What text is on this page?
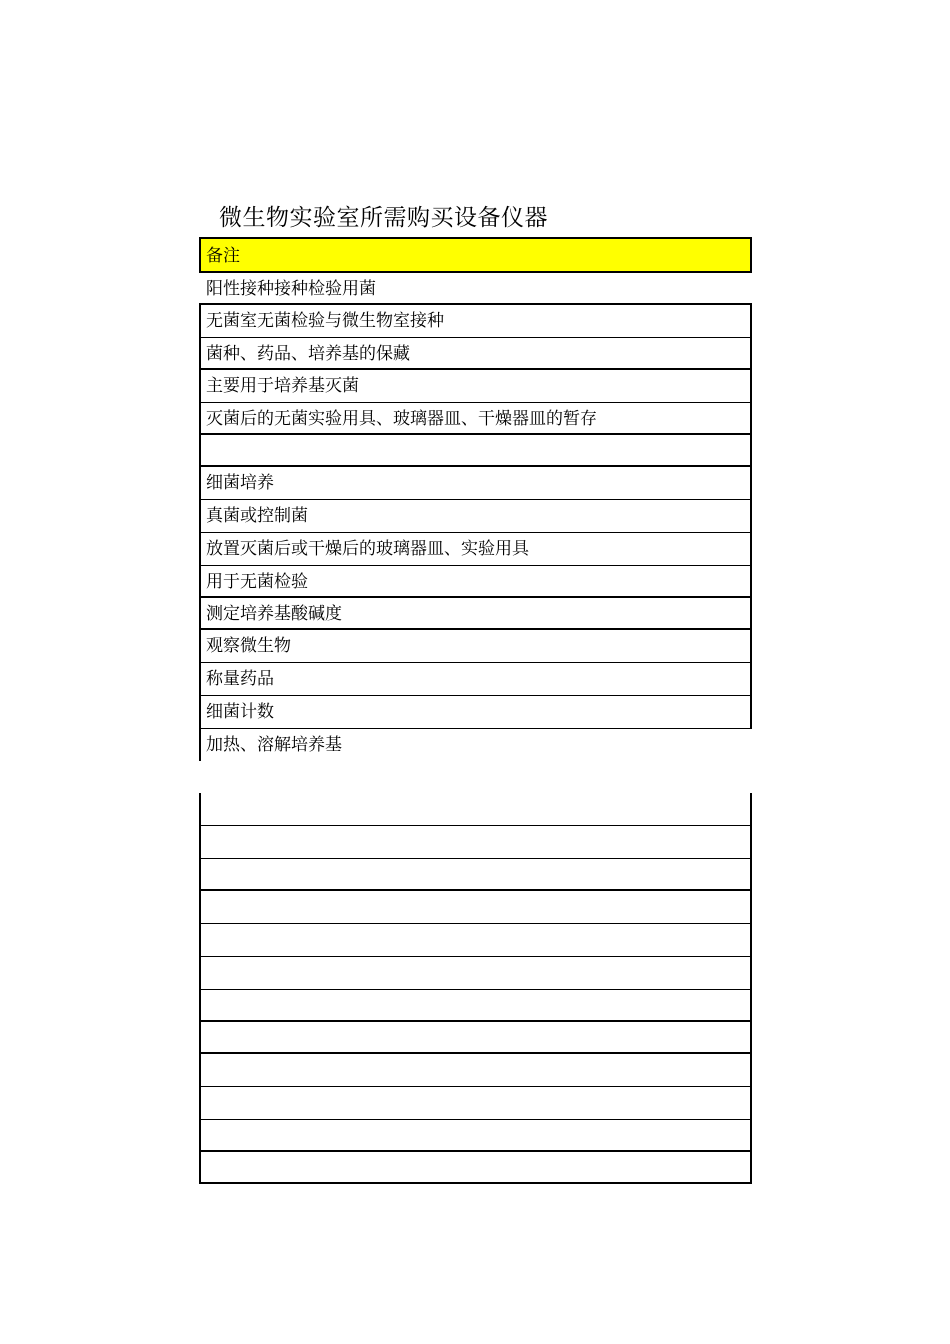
微生物实验室所需购买设备仪器
备注
阳性接种接种检验用菌
无菌室无菌检验与微生物室接种
菌种、药品、培养基的保藏
主要用于培养基灭菌
灭菌后的无菌实验用具、玻璃器皿、干燥器皿的暂存
细菌培养
真菌或控制菌
放置灭菌后或干燥后的玻璃器皿、实验用具
用于无菌检验
测定培养基酸碱度
观察微生物
称量药品
细菌计数
加热、溶解培养基
